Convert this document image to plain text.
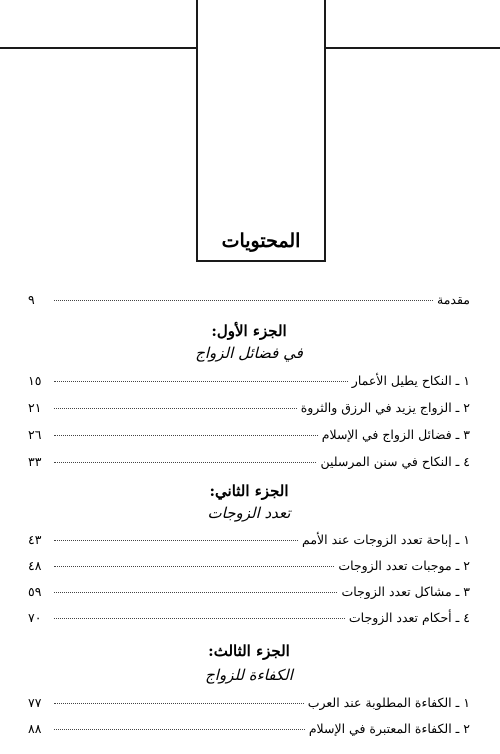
المحتويات
مقدمة
٩
الجزء الأول:
في فضائل الزواج
١ ـ النكاح يطيل الأعمار
١٥
٢ ـ الزواج يزيد في الرزق والثروة
٢١
٣ ـ فضائل الزواج في الإسلام
٢٦
٤ ـ النكاح في سنن المرسلين
٣٣
الجزء الثاني:
تعدد الزوجات
١ ـ إباحة تعدد الزوجات عند الأمم
٤٣
٢ ـ موجبات تعدد الزوجات
٤٨
٣ ـ مشاكل تعدد الزوجات
٥٩
٤ ـ أحكام تعدد الزوجات
٧٠
الجزء الثالث:
الكفاءة للزواج
١ ـ الكفاءة المطلوبة عند العرب
٧٧
٢ ـ الكفاءة المعتبرة في الإسلام
٨٨
